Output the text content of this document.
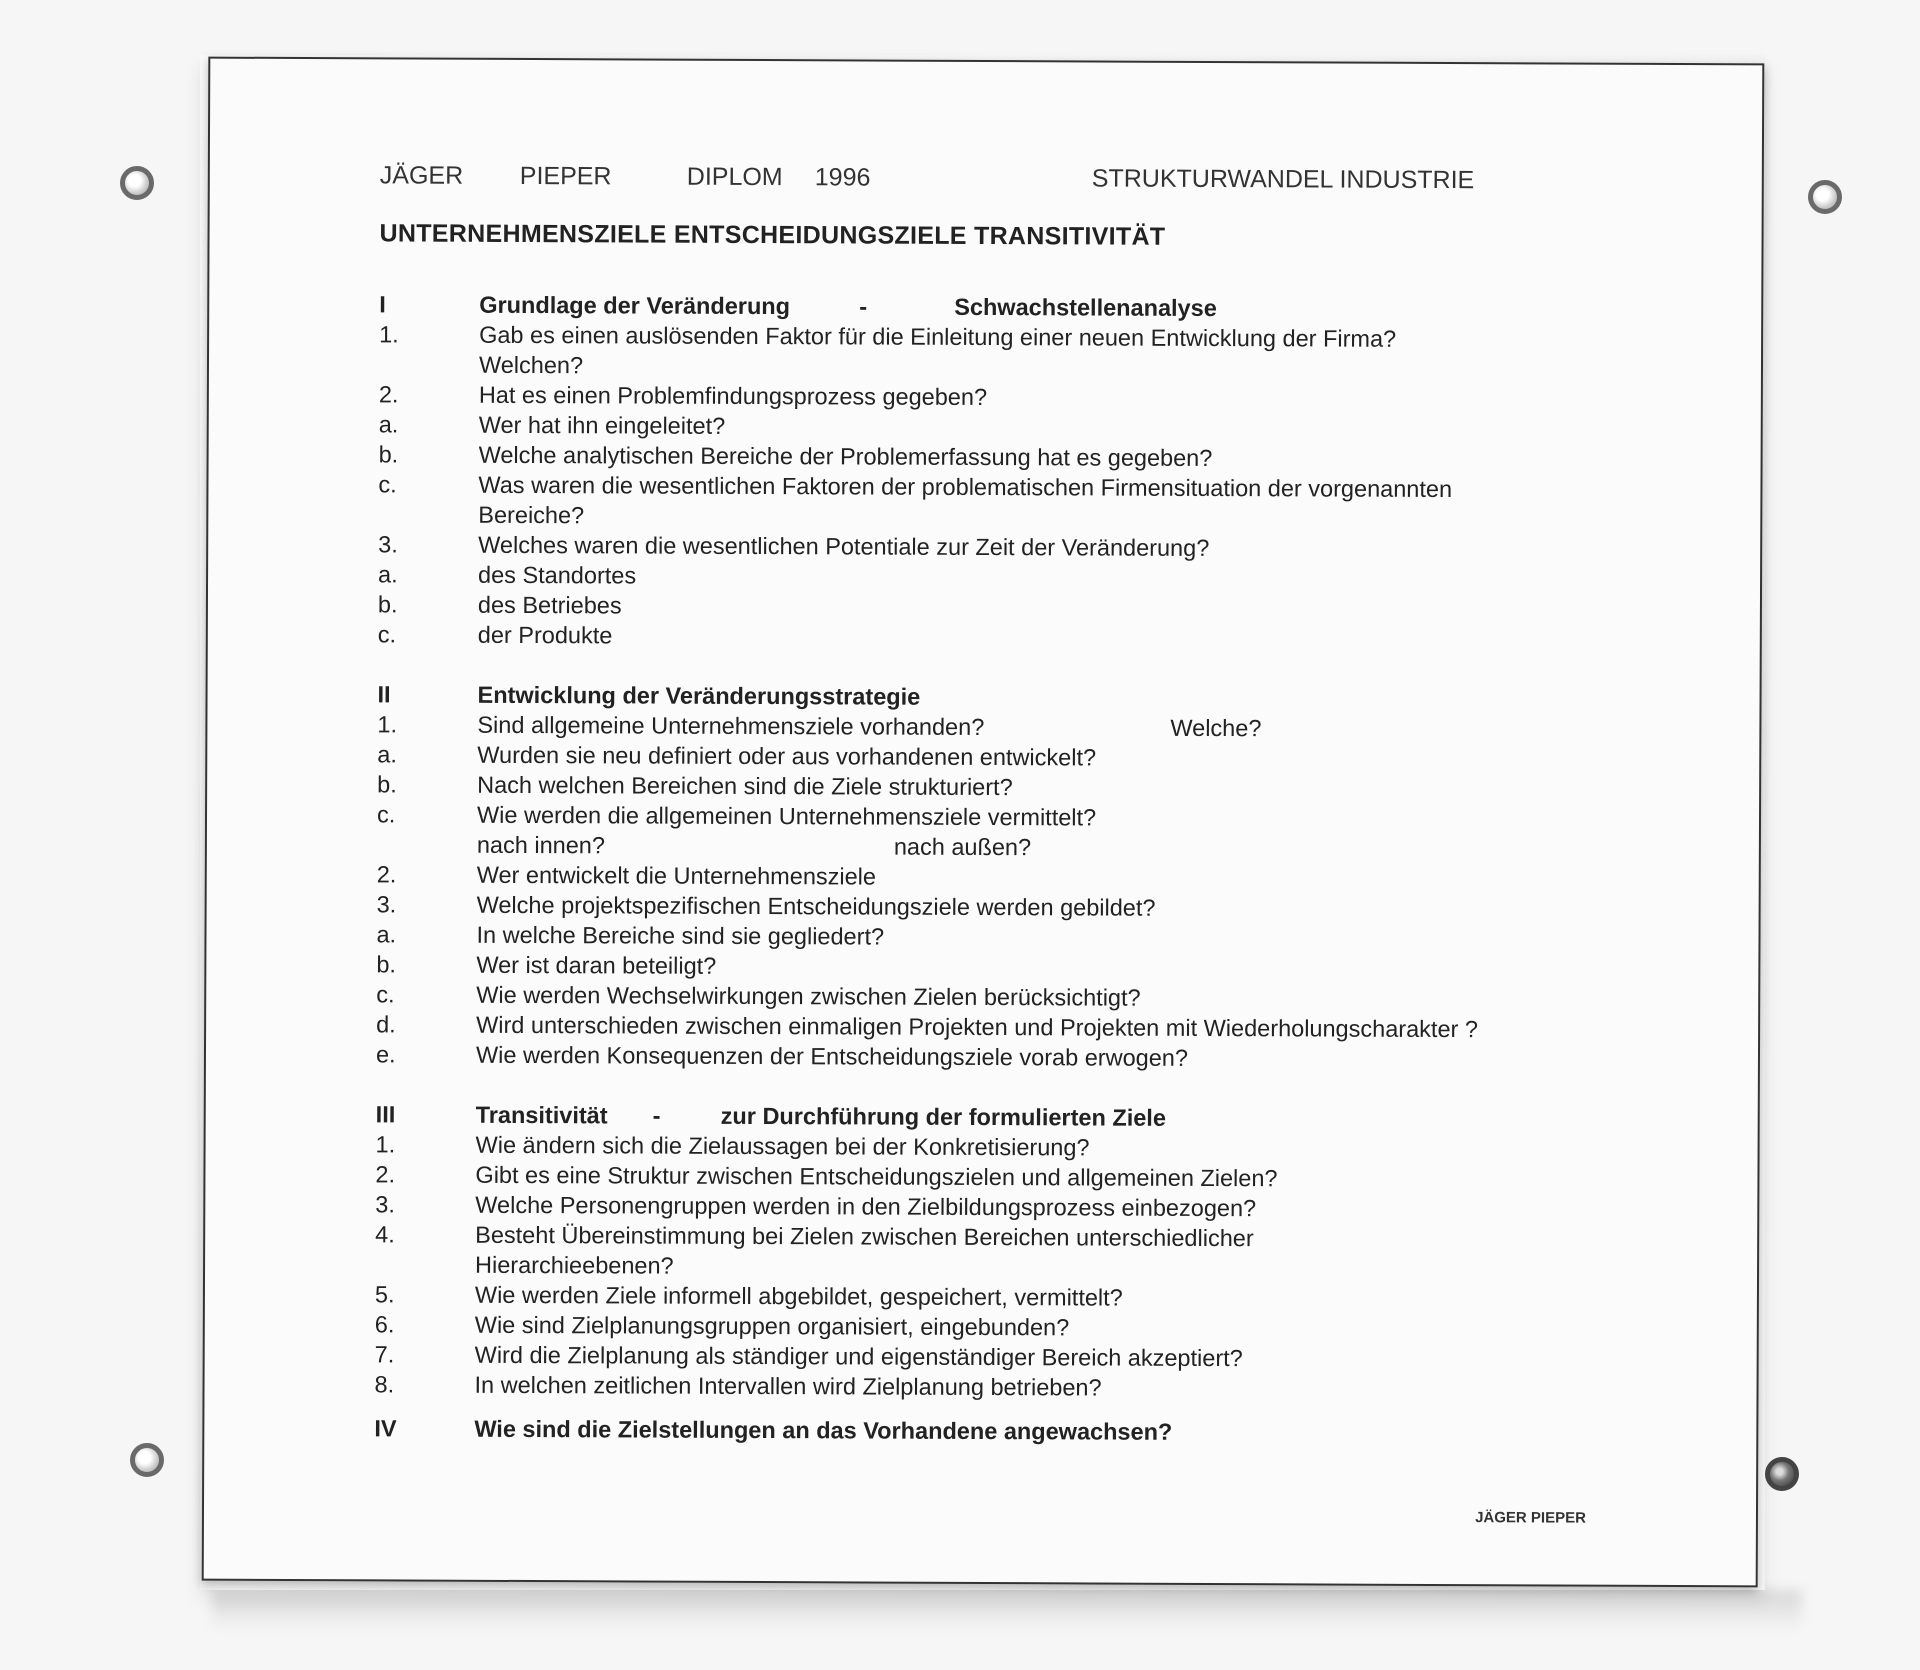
JÄGER PIEPER	DIPLOM 1996	STRUKTURWANDEL INDUSTRIE
UNTERNEHMENSZIELE ENTSCHEIDUNGSZIELE TRANSITIVITÄT
I	Grundlage der Veränderung	-	Schwachstellenanalyse
1.	Gab es einen auslösenden Faktor für die Einleitung einer neuen Entwicklung der Firma?
Welchen?
2.	Hat es einen Problemfindungsprozess gegeben?
a.	Wer hat ihn eingeleitet?
b.	Welche analytischen Bereiche der Problemerfassung hat es gegeben?
c.	Was waren die wesentlichen Faktoren der problematischen Firmensituation der vorgenannten
Bereiche?
3.	Welches waren die wesentlichen Potentiale zur Zeit der Veränderung?
a.	des Standortes
b.	des Betriebes
c.	der Produkte
II	Entwicklung der Veränderungsstrategie
1.	Sind allgemeine Unternehmensziele vorhanden?	Welche?
a.	Wurden sie neu definiert oder aus vorhandenen entwickelt?
b.	Nach welchen Bereichen sind die Ziele strukturiert?
c.	Wie werden die allgemeinen Unternehmensziele vermittelt?
nach innen?	nach außen?
2.	Wer entwickelt die Unternehmensziele
3.	Welche projektspezifischen Entscheidungsziele werden gebildet?
a.	In welche Bereiche sind sie gegliedert?
b.	Wer ist daran beteiligt?
c.	Wie werden Wechselwirkungen zwischen Zielen berücksichtigt?
d.	Wird unterschieden zwischen einmaligen Projekten und Projekten mit Wiederholungscharakter ?
e.	Wie werden Konsequenzen der Entscheidungsziele vorab erwogen?
III	Transitivität -	zur Durchführung der formulierten Ziele
1.	Wie ändern sich die Zielaussagen bei der Konkretisierung?
2.	Gibt es eine Struktur zwischen Entscheidungszielen und allgemeinen Zielen?
3.	Welche Personengruppen werden in den Zielbildungsprozess einbezogen?
4.	Besteht Übereinstimmung bei Zielen zwischen Bereichen unterschiedlicher
Hierarchieebenen?
5.	Wie werden Ziele informell abgebildet, gespeichert, vermittelt?
6.	Wie sind Zielplanungsgruppen organisiert, eingebunden?
7.	Wird die Zielplanung als ständiger und eigenständiger Bereich akzeptiert?
8.	In welchen zeitlichen Intervallen wird Zielplanung betrieben?
IV	Wie sind die Zielstellungen an das Vorhandene angewachsen?
JÄGER PIEPER
